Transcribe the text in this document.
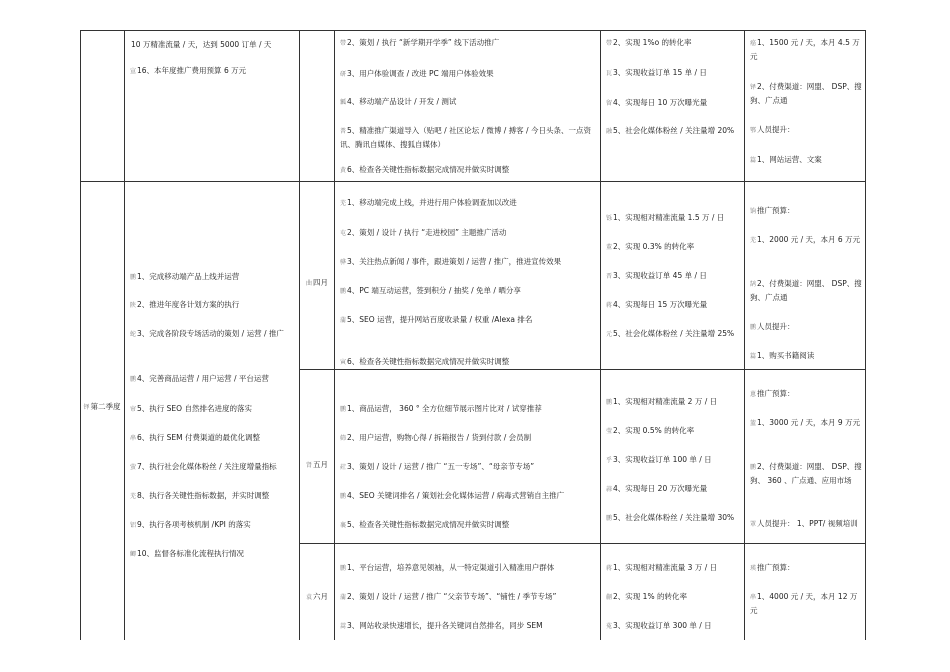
10 万精准流量 / 天，达到 5000 订单 / 天
宣16、本年度推广费用预算 6 万元
带2、策划 / 执行 “新学期开学季” 线下活动推广
研3、用户体验调查 / 改进 PC 端用户体验效果
瓤4、移动端产品设计 / 开发 / 测试
普5、精准推广渠道导入（贴吧 / 社区论坛 / 微博 / 搏客 / 今日头条、一点资讯、腾讯自媒体、搜狐自媒体）
黄6、检查各关键性指标数据完成情况并做实时调整
带2、实现 1%o 的转化率
瓦3、实现收益订单 15 单 / 日
留4、实现每日 10 万次曝光量
融5、社会化媒体粉丝 / 关注量增 20%
癌1、1500 元 / 天，本月 4.5 万元
铎2、付费渠道：网盟、 DSP、搜狗、广点通
鄂人员提升：
篇1、网站运营、文案
铎第二季度
鹏1、完成移动端产品上线并运营
陕2、推进年度各计划方案的执行
蛇3、完成各阶段专场活动的策划 / 运营 / 推广
鹏4、完善商品运营 / 用户运营 / 平台运营
帘5、执行 SEO 自然排名进度的落实
串6、执行 SEM 付费渠道的最优化调整
萤7、执行社会化媒体粉丝 / 关注度增量指标
芜8、执行各关键性指标数据，并实时调整
铝9、执行各项考核机制 /KPI 的落实
鲫10、监督各标准化流程执行情况
曲四月
芜1、移动端完成上线，并进行用户体验调查加以改进
屯2、策划 / 设计 / 执行 “走进校园” 主题推广活动
骅3、关注热点新闻 / 事件，跟进策划 / 运营 / 推广，推进宣传效果
鹏4、PC 端互动运营，签到积分 / 抽奖 / 免单 / 晒分享
蒲5、SEO 运营，提升网站百度收录量 / 权重 /Alexa 排名
寅6、检查各关键性指标数据完成情况并做实时调整
铄1、实现相对精准流量 1.5 万 / 日
董2、实现 0.3% 的转化率
晋3、实现收益订单 45 单 / 日
蒋4、实现每日 15 万次曝光量
元5、社会化媒体粉丝 / 关注量增 25%
饷推广预算：
芜1、2000 元 / 天，本月 6 万元
鹄2、付费渠道：网盟、 DSP、搜狗、广点通
鹏人员提升：
篇1、购买书籍阅读
肾五月
鹏1、商品运营， 360 ° 全方位细节展示图片比对 / 试穿推荐
筛2、用户运营，购物心得 / 拆箱报告 / 货到付款 / 会员制
荭3、策划 / 设计 / 运营 / 推广 “五一专场”、“母亲节专场”
鹏4、SEO 关键词排名 / 策划社会化媒体运营 / 病毒式营销自主推广
襄5、检查各关键性指标数据完成情况并做实时调整
鹏1、实现相对精准流量 2 万 / 日
莹2、实现 0.5% 的转化率
乎3、实现收益订单 100 单 / 日
蒜4、实现每日 20 万次曝光量
鹏5、社会化媒体粉丝 / 关注量增 30%
蒽推广预算：
篮1、3000 元 / 天，本月 9 万元
鹏2、付费渠道：网盟、 DSP、搜狗、 360 、广点通、应用市场
罩人员提升： 1、PPT/ 视频培训
袁六月
鹏1、平台运营，培养意见领袖，从一特定渠道引入精准用户群体
蒲2、策划 / 设计 / 运营 / 推广 “父亲节专场”、“铺性 / 季节专场”
蒿3、网站收录快速增长，提升各关键词自然排名，同步 SEM
蒋1、实现相对精准流量 3 万 / 日
蒯2、实现 1% 的转化率
菟3、实现收益订单 300 单 / 日
瑛推广预算：
串1、4000 元 / 天，本月 12 万元
